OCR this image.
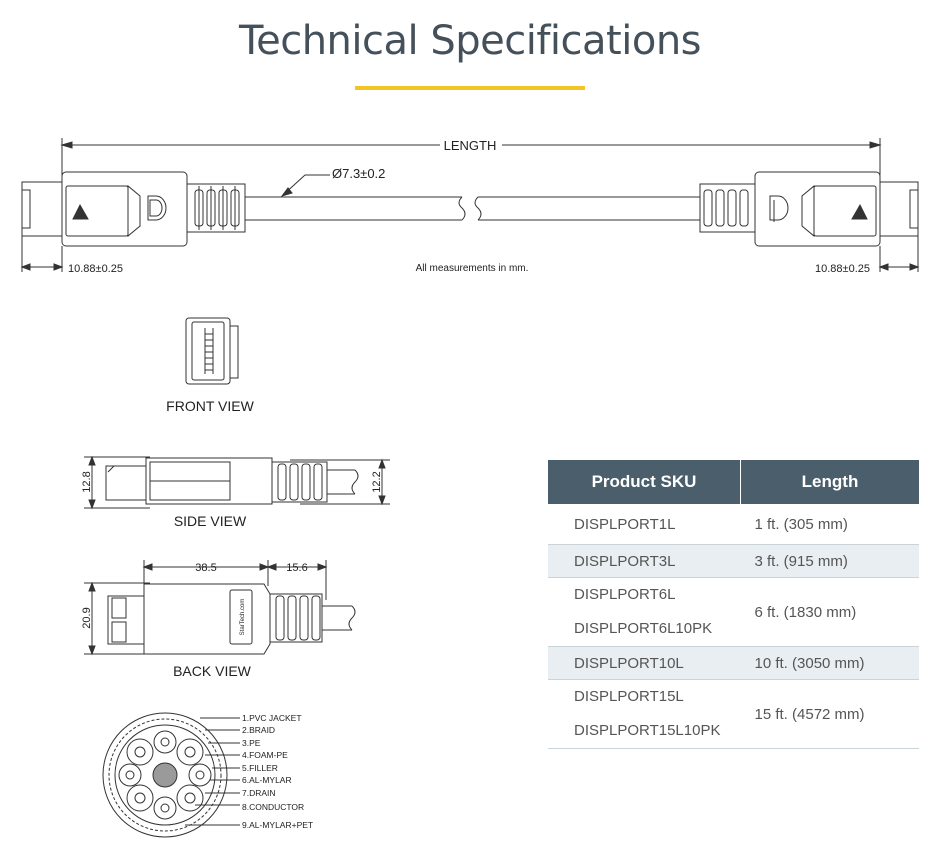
Technical Specifications
LENGTH
Ø7.3±0.2
10.88±0.25	10.88±0.25
All measurements in mm.
FRONT VIEW
SIDE VIEW
BACK VIEW
12.8	12.2
38.5	15.6
20.9	StarTech.com
1.PVC JACKET
2.BRAID
3.PE
4.FOAM-PE
5.FILLER
6.AL-MYLAR
7.DRAIN
8.CONDUCTOR
9.AL-MYLAR+PET
Product SKU	Length
DISPLPORT1L	1 ft. (305 mm)
DISPLPORT3L	3 ft. (915 mm)

DISPLPORT6L
DISPLPORT6L10PK	6 ft. (1830 mm)
DISPLPORT10L	10 ft. (3050 mm)

DISPLPORT15L
DISPLPORT15L10PK	15 ft. (4572 mm)
